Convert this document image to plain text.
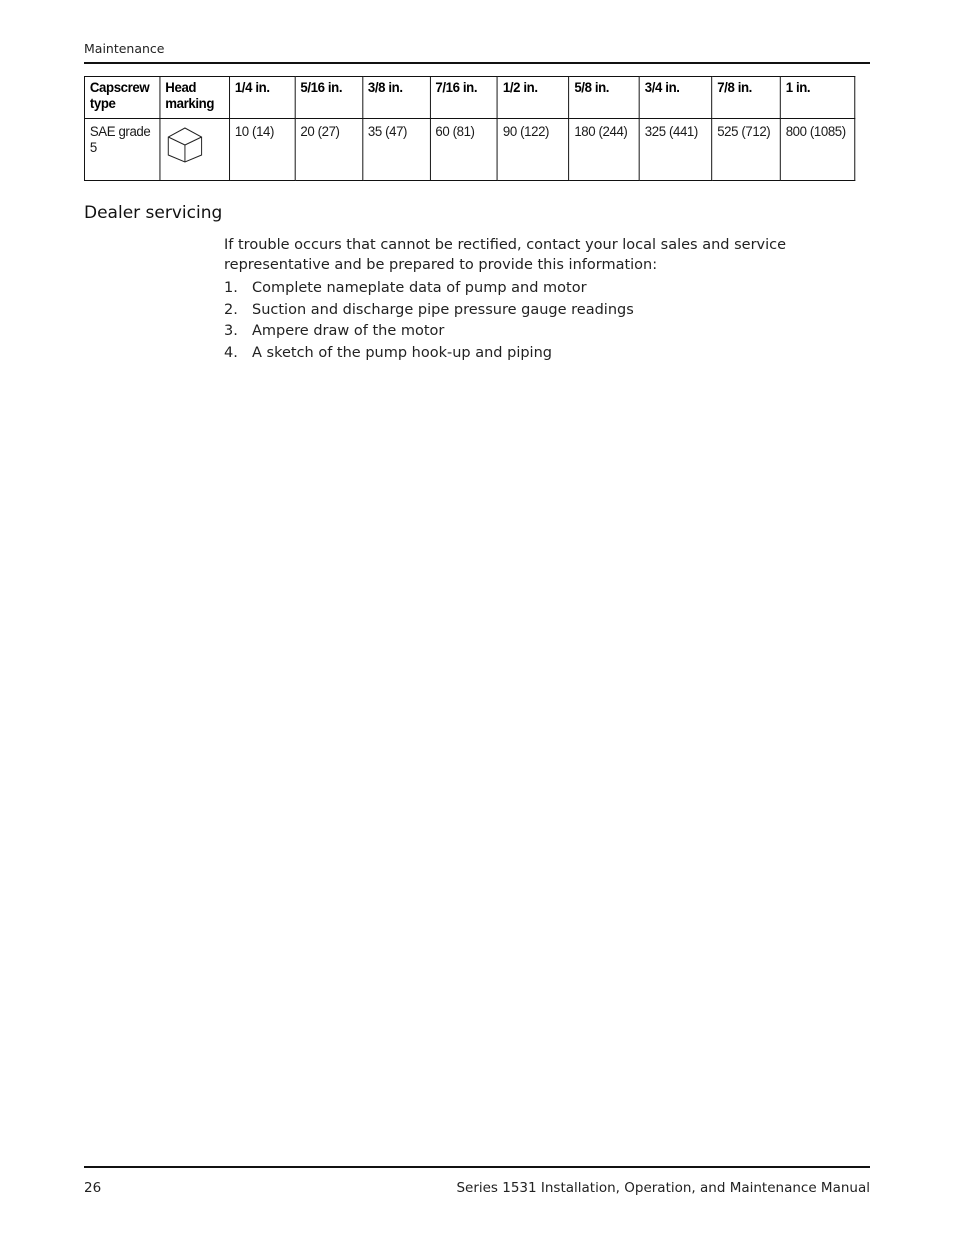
Maintenance
Capscrew type	Head marking	1/4 in.	5/16 in.	3/8 in.	7/16 in.	1/2 in.	5/8 in.	3/4 in.	7/8 in.	1 in.
SAE grade 5		10 (14)	20 (27)	35 (47)	60 (81)	90 (122)	180 (244)	325 (441)	525 (712)	800 (1085)
Dealer servicing

If trouble occurs that cannot be rectified, contact your local sales and service representative and be prepared to provide this information:

1. Complete nameplate data of pump and motor
2. Suction and discharge pipe pressure gauge readings
3. Ampere draw of the motor
4. A sketch of the pump hook-up and piping
26	Series 1531 Installation, Operation, and Maintenance Manual
